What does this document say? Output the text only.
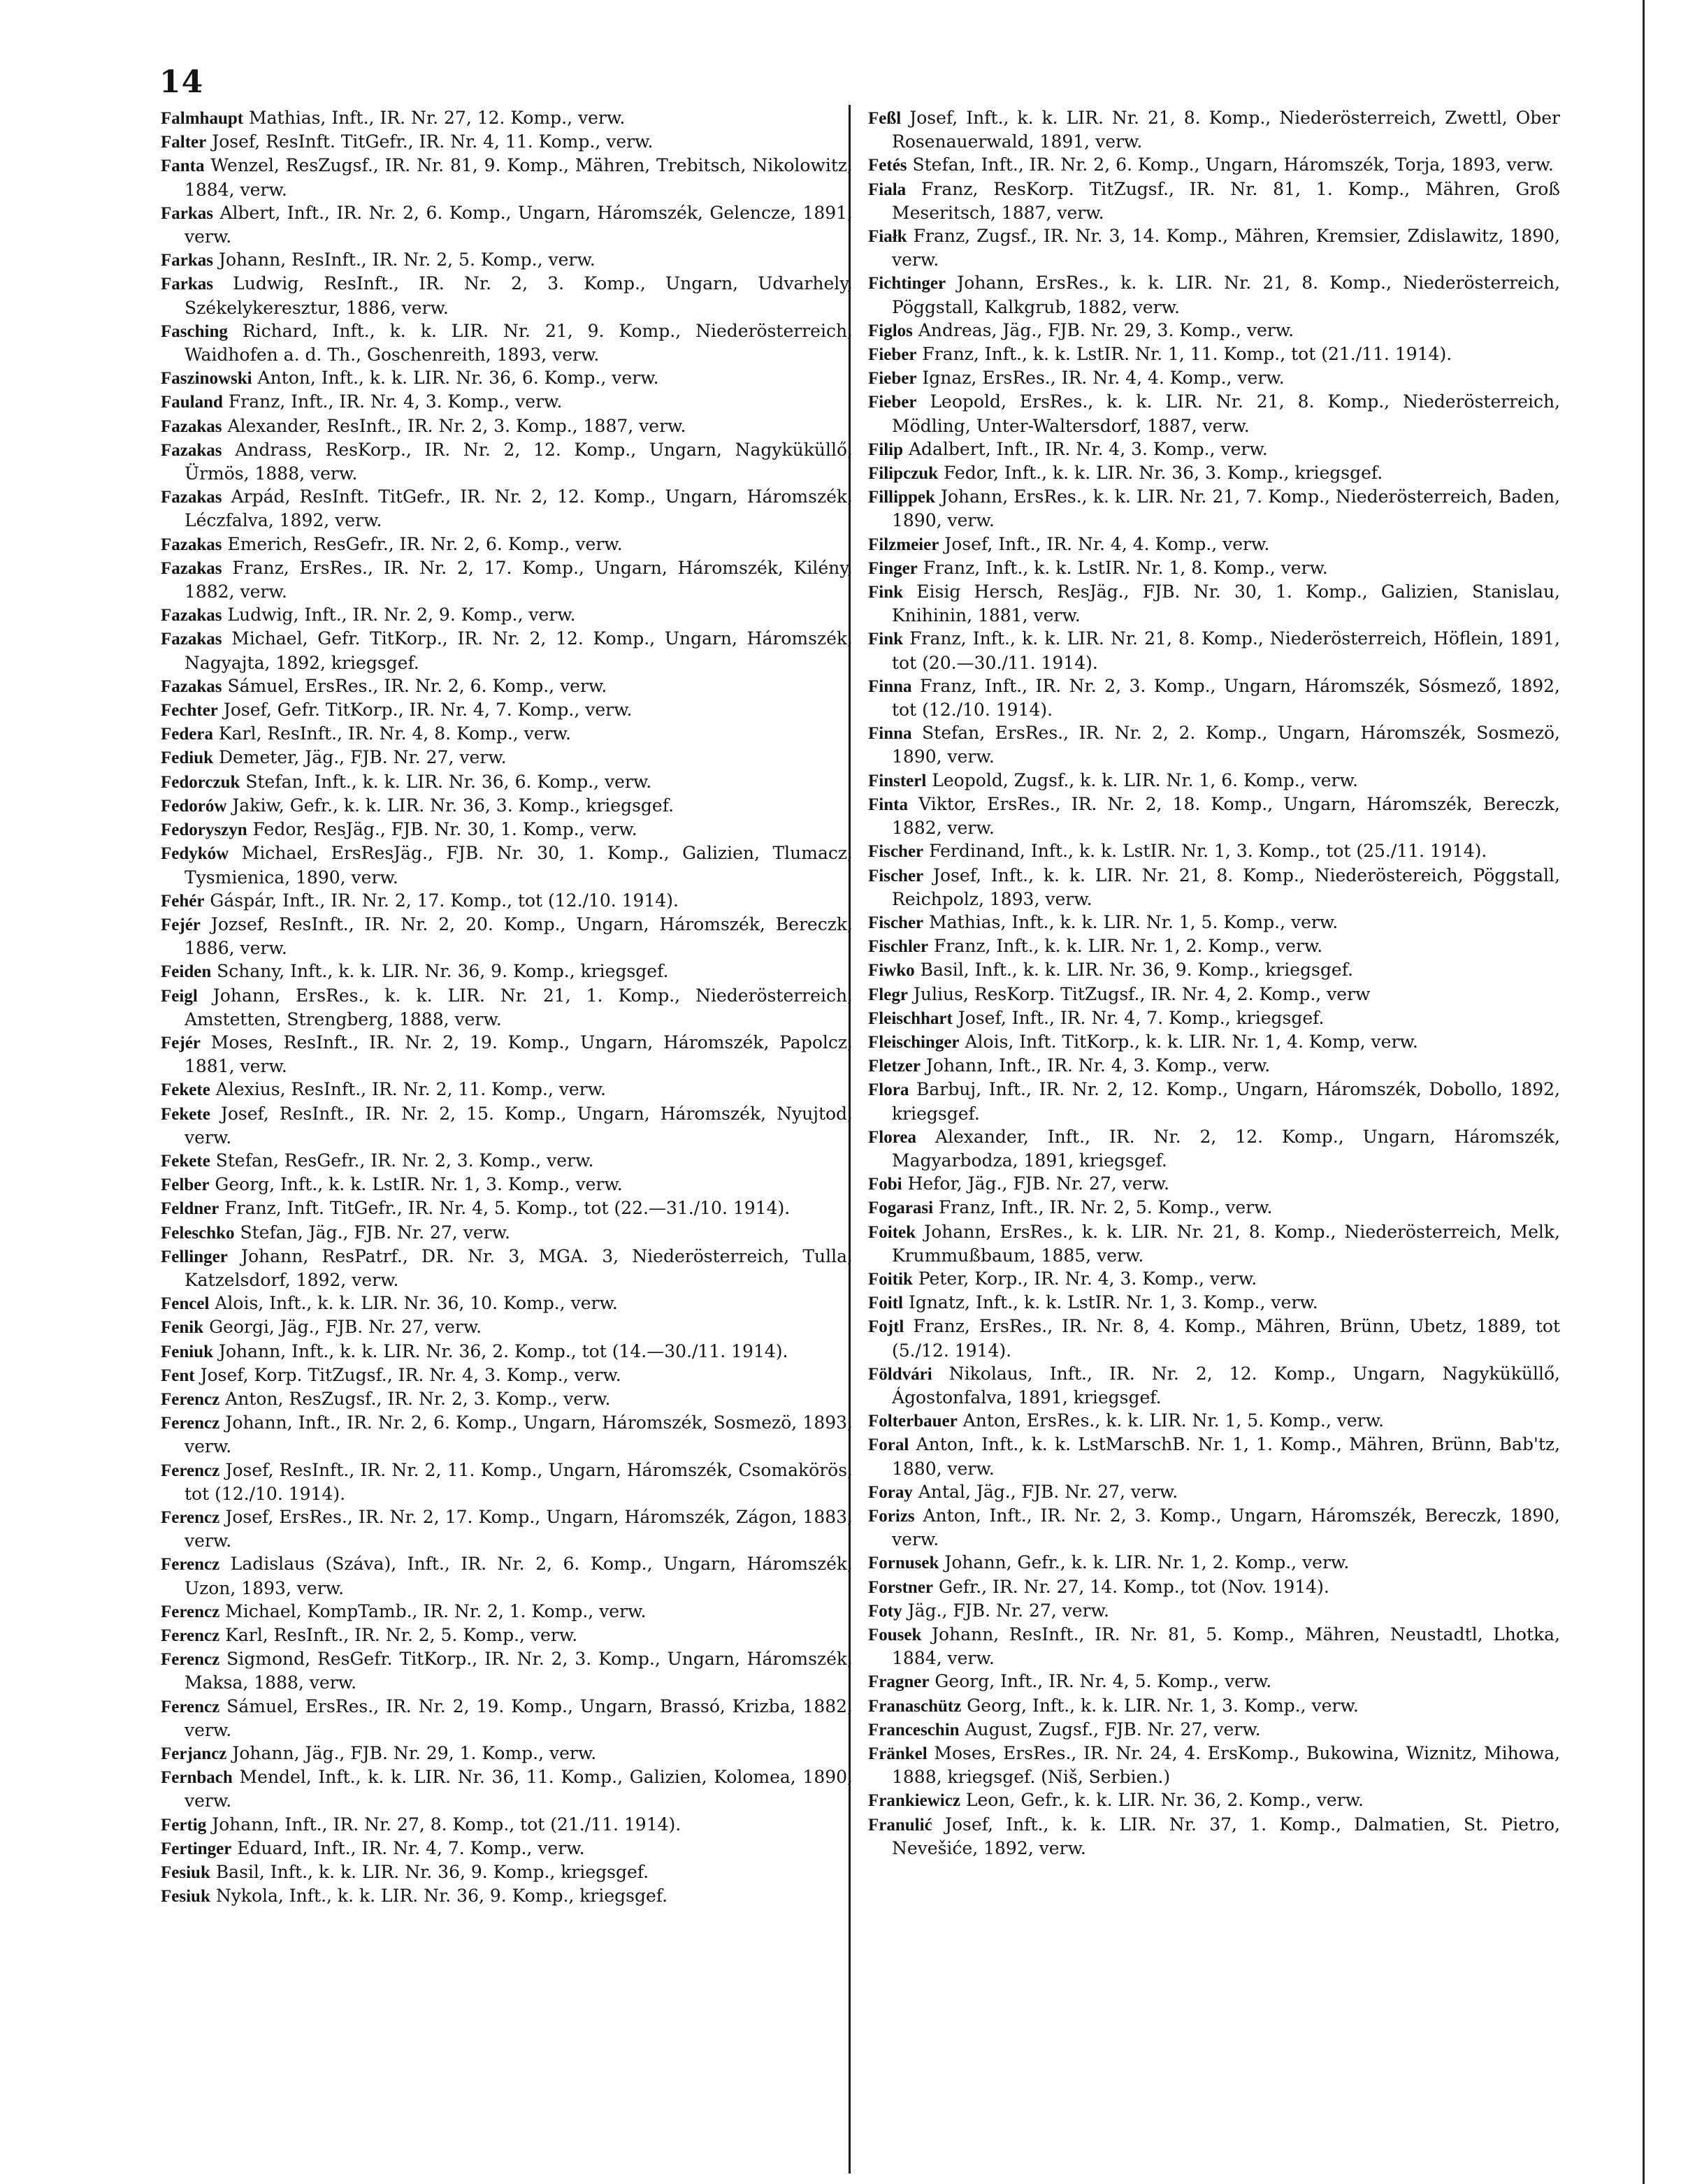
14

Falmhaupt Mathias, Inft., IR. Nr. 27, 12. Komp., verw.

Falter Josef, ResInft. TitGefr., IR. Nr. 4, 11. Komp., verw.

Fanta Wenzel, ResZugsf., IR. Nr. 81, 9. Komp., Mähren, Trebitsch, Nikolowitz, 1884, verw.

Farkas Albert, Inft., IR. Nr. 2, 6. Komp., Ungarn, Háromszék, Gelencze, 1891, verw.

Farkas Johann, ResInft., IR. Nr. 2, 5. Komp., verw.

Farkas Ludwig, ResInft., IR. Nr. 2, 3. Komp., Ungarn, Udvarhely, Székelykeresztur, 1886, verw.

Fasching Richard, Inft., k. k. LIR. Nr. 21, 9. Komp., Niederösterreich, Waidhofen a. d. Th., Goschenreith, 1893, verw.

Faszinowski Anton, Inft., k. k. LIR. Nr. 36, 6. Komp., verw.

Fauland Franz, Inft., IR. Nr. 4, 3. Komp., verw.

Fazakas Alexander, ResInft., IR. Nr. 2, 3. Komp., 1887, verw.

Fazakas Andrass, ResKorp., IR. Nr. 2, 12. Komp., Ungarn, Nagyküküllő, Ürmös, 1888, verw.

Fazakas Arpád, ResInft. TitGefr., IR. Nr. 2, 12. Komp., Ungarn, Háromszék, Léczfalva, 1892, verw.

Fazakas Emerich, ResGefr., IR. Nr. 2, 6. Komp., verw.

Fazakas Franz, ErsRes., IR. Nr. 2, 17. Komp., Ungarn, Háromszék, Kilény, 1882, verw.

Fazakas Ludwig, Inft., IR. Nr. 2, 9. Komp., verw.

Fazakas Michael, Gefr. TitKorp., IR. Nr. 2, 12. Komp., Ungarn, Háromszék, Nagyajta, 1892, kriegsgef.

Fazakas Sámuel, ErsRes., IR. Nr. 2, 6. Komp., verw.

Fechter Josef, Gefr. TitKorp., IR. Nr. 4, 7. Komp., verw.

Federa Karl, ResInft., IR. Nr. 4, 8. Komp., verw.

Fediuk Demeter, Jäg., FJB. Nr. 27, verw.

Fedorczuk Stefan, Inft., k. k. LIR. Nr. 36, 6. Komp., verw.

Fedorów Jakiw, Gefr., k. k. LIR. Nr. 36, 3. Komp., kriegsgef.

Fedoryszyn Fedor, ResJäg., FJB. Nr. 30, 1. Komp., verw.

Fedyków Michael, ErsResJäg., FJB. Nr. 30, 1. Komp., Galizien, Tlumacz, Tysmienica, 1890, verw.

Fehér Gáspár, Inft., IR. Nr. 2, 17. Komp., tot (12./10. 1914).

Fejér Jozsef, ResInft., IR. Nr. 2, 20. Komp., Ungarn, Háromszék, Bereczk, 1886, verw.

Feiden Schany, Inft., k. k. LIR. Nr. 36, 9. Komp., kriegsgef.

Feigl Johann, ErsRes., k. k. LIR. Nr. 21, 1. Komp., Niederösterreich, Amstetten, Strengberg, 1888, verw.

Fejér Moses, ResInft., IR. Nr. 2, 19. Komp., Ungarn, Háromszék, Papolcz, 1881, verw.

Fekete Alexius, ResInft., IR. Nr. 2, 11. Komp., verw.

Fekete Josef, ResInft., IR. Nr. 2, 15. Komp., Ungarn, Háromszék, Nyujtod, verw.

Fekete Stefan, ResGefr., IR. Nr. 2, 3. Komp., verw.

Felber Georg, Inft., k. k. LstIR. Nr. 1, 3. Komp., verw.

Feldner Franz, Inft. TitGefr., IR. Nr. 4, 5. Komp., tot (22.—31./10. 1914).

Feleschko Stefan, Jäg., FJB. Nr. 27, verw.

Fellinger Johann, ResPatrf., DR. Nr. 3, MGA. 3, Niederösterreich, Tulla, Katzelsdorf, 1892, verw.

Fencel Alois, Inft., k. k. LIR. Nr. 36, 10. Komp., verw.

Fenik Georgi, Jäg., FJB. Nr. 27, verw.

Feniuk Johann, Inft., k. k. LIR. Nr. 36, 2. Komp., tot (14.—30./11. 1914).

Fent Josef, Korp. TitZugsf., IR. Nr. 4, 3. Komp., verw.

Ferencz Anton, ResZugsf., IR. Nr. 2, 3. Komp., verw.

Ferencz Johann, Inft., IR. Nr. 2, 6. Komp., Ungarn, Háromszék, Sosmezö, 1893, verw.

Ferencz Josef, ResInft., IR. Nr. 2, 11. Komp., Ungarn, Háromszék, Csomakörös, tot (12./10. 1914).

Ferencz Josef, ErsRes., IR. Nr. 2, 17. Komp., Ungarn, Háromszék, Zágon, 1883, verw.

Ferencz Ladislaus (Száva), Inft., IR. Nr. 2, 6. Komp., Ungarn, Háromszék, Uzon, 1893, verw.

Ferencz Michael, KompTamb., IR. Nr. 2, 1. Komp., verw.

Ferencz Karl, ResInft., IR. Nr. 2, 5. Komp., verw.

Ferencz Sigmond, ResGefr. TitKorp., IR. Nr. 2, 3. Komp., Ungarn, Háromszék, Maksa, 1888, verw.

Ferencz Sámuel, ErsRes., IR. Nr. 2, 19. Komp., Ungarn, Brassó, Krizba, 1882, verw.

Ferjancz Johann, Jäg., FJB. Nr. 29, 1. Komp., verw.

Fernbach Mendel, Inft., k. k. LIR. Nr. 36, 11. Komp., Galizien, Kolomea, 1890, verw.

Fertig Johann, Inft., IR. Nr. 27, 8. Komp., tot (21./11. 1914).

Fertinger Eduard, Inft., IR. Nr. 4, 7. Komp., verw.

Fesiuk Basil, Inft., k. k. LIR. Nr. 36, 9. Komp., kriegsgef.

Fesiuk Nykola, Inft., k. k. LIR. Nr. 36, 9. Komp., kriegsgef.

Feßl Josef, Inft., k. k. LIR. Nr. 21, 8. Komp., Niederösterreich, Zwettl, Ober Rosenauerwald, 1891, verw.

Fetés Stefan, Inft., IR. Nr. 2, 6. Komp., Ungarn, Háromszék, Torja, 1893, verw.

Fiala Franz, ResKorp. TitZugsf., IR. Nr. 81, 1. Komp., Mähren, Groß Meseritsch, 1887, verw.

Fiałk Franz, Zugsf., IR. Nr. 3, 14. Komp., Mähren, Kremsier, Zdislawitz, 1890, verw.

Fichtinger Johann, ErsRes., k. k. LIR. Nr. 21, 8. Komp., Niederösterreich, Pöggstall, Kalkgrub, 1882, verw.

Figlos Andreas, Jäg., FJB. Nr. 29, 3. Komp., verw.

Fieber Franz, Inft., k. k. LstIR. Nr. 1, 11. Komp., tot (21./11. 1914).

Fieber Ignaz, ErsRes., IR. Nr. 4, 4. Komp., verw.

Fieber Leopold, ErsRes., k. k. LIR. Nr. 21, 8. Komp., Niederösterreich, Mödling, Unter-Waltersdorf, 1887, verw.

Filip Adalbert, Inft., IR. Nr. 4, 3. Komp., verw.

Filipczuk Fedor, Inft., k. k. LIR. Nr. 36, 3. Komp., kriegsgef.

Fillippek Johann, ErsRes., k. k. LIR. Nr. 21, 7. Komp., Niederösterreich, Baden, 1890, verw.

Filzmeier Josef, Inft., IR. Nr. 4, 4. Komp., verw.

Finger Franz, Inft., k. k. LstIR. Nr. 1, 8. Komp., verw.

Fink Eisig Hersch, ResJäg., FJB. Nr. 30, 1. Komp., Galizien, Stanislau, Knihinin, 1881, verw.

Fink Franz, Inft., k. k. LIR. Nr. 21, 8. Komp., Niederösterreich, Höflein, 1891, tot (20.—30./11. 1914).

Finna Franz, Inft., IR. Nr. 2, 3. Komp., Ungarn, Háromszék, Sósmező, 1892, tot (12./10. 1914).

Finna Stefan, ErsRes., IR. Nr. 2, 2. Komp., Ungarn, Háromszék, Sosmezö, 1890, verw.

Finsterl Leopold, Zugsf., k. k. LIR. Nr. 1, 6. Komp., verw.

Finta Viktor, ErsRes., IR. Nr. 2, 18. Komp., Ungarn, Háromszék, Bereczk, 1882, verw.

Fischer Ferdinand, Inft., k. k. LstIR. Nr. 1, 3. Komp., tot (25./11. 1914).

Fischer Josef, Inft., k. k. LIR. Nr. 21, 8. Komp., Niederöstereich, Pöggstall, Reichpolz, 1893, verw.

Fischer Mathias, Inft., k. k. LIR. Nr. 1, 5. Komp., verw.

Fischler Franz, Inft., k. k. LIR. Nr. 1, 2. Komp., verw.

Fiwko Basil, Inft., k. k. LIR. Nr. 36, 9. Komp., kriegsgef.

Flegr Julius, ResKorp. TitZugsf., IR. Nr. 4, 2. Komp., verw

Fleischhart Josef, Inft., IR. Nr. 4, 7. Komp., kriegsgef.

Fleischinger Alois, Inft. TitKorp., k. k. LIR. Nr. 1, 4. Komp, verw.

Fletzer Johann, Inft., IR. Nr. 4, 3. Komp., verw.

Flora Barbuj, Inft., IR. Nr. 2, 12. Komp., Ungarn, Háromszék, Dobollo, 1892, kriegsgef.

Florea Alexander, Inft., IR. Nr. 2, 12. Komp., Ungarn, Háromszék, Magyarbodza, 1891, kriegsgef.

Fobi Hefor, Jäg., FJB. Nr. 27, verw.

Fogarasi Franz, Inft., IR. Nr. 2, 5. Komp., verw.

Foitek Johann, ErsRes., k. k. LIR. Nr. 21, 8. Komp., Niederösterreich, Melk, Krummußbaum, 1885, verw.

Foitik Peter, Korp., IR. Nr. 4, 3. Komp., verw.

Foitl Ignatz, Inft., k. k. LstIR. Nr. 1, 3. Komp., verw.

Fojtl Franz, ErsRes., IR. Nr. 8, 4. Komp., Mähren, Brünn, Ubetz, 1889, tot (5./12. 1914).

Földvári Nikolaus, Inft., IR. Nr. 2, 12. Komp., Ungarn, Nagyküküllő, Ágostonfalva, 1891, kriegsgef.

Folterbauer Anton, ErsRes., k. k. LIR. Nr. 1, 5. Komp., verw.

Foral Anton, Inft., k. k. LstMarschB. Nr. 1, 1. Komp., Mähren, Brünn, Bab'tz, 1880, verw.

Foray Antal, Jäg., FJB. Nr. 27, verw.

Forizs Anton, Inft., IR. Nr. 2, 3. Komp., Ungarn, Háromszék, Bereczk, 1890, verw.

Fornusek Johann, Gefr., k. k. LIR. Nr. 1, 2. Komp., verw.

Forstner Gefr., IR. Nr. 27, 14. Komp., tot (Nov. 1914).

Foty Jäg., FJB. Nr. 27, verw.

Fousek Johann, ResInft., IR. Nr. 81, 5. Komp., Mähren, Neustadtl, Lhotka, 1884, verw.

Fragner Georg, Inft., IR. Nr. 4, 5. Komp., verw.

Franaschütz Georg, Inft., k. k. LIR. Nr. 1, 3. Komp., verw.

Franceschin August, Zugsf., FJB. Nr. 27, verw.

Fränkel Moses, ErsRes., IR. Nr. 24, 4. ErsKomp., Bukowina, Wiznitz, Mihowa, 1888, kriegsgef. (Niš, Serbien.)

Frankiewicz Leon, Gefr., k. k. LIR. Nr. 36, 2. Komp., verw.

Franulić Josef, Inft., k. k. LIR. Nr. 37, 1. Komp., Dalmatien, St. Pietro, Nevešiće, 1892, verw.
